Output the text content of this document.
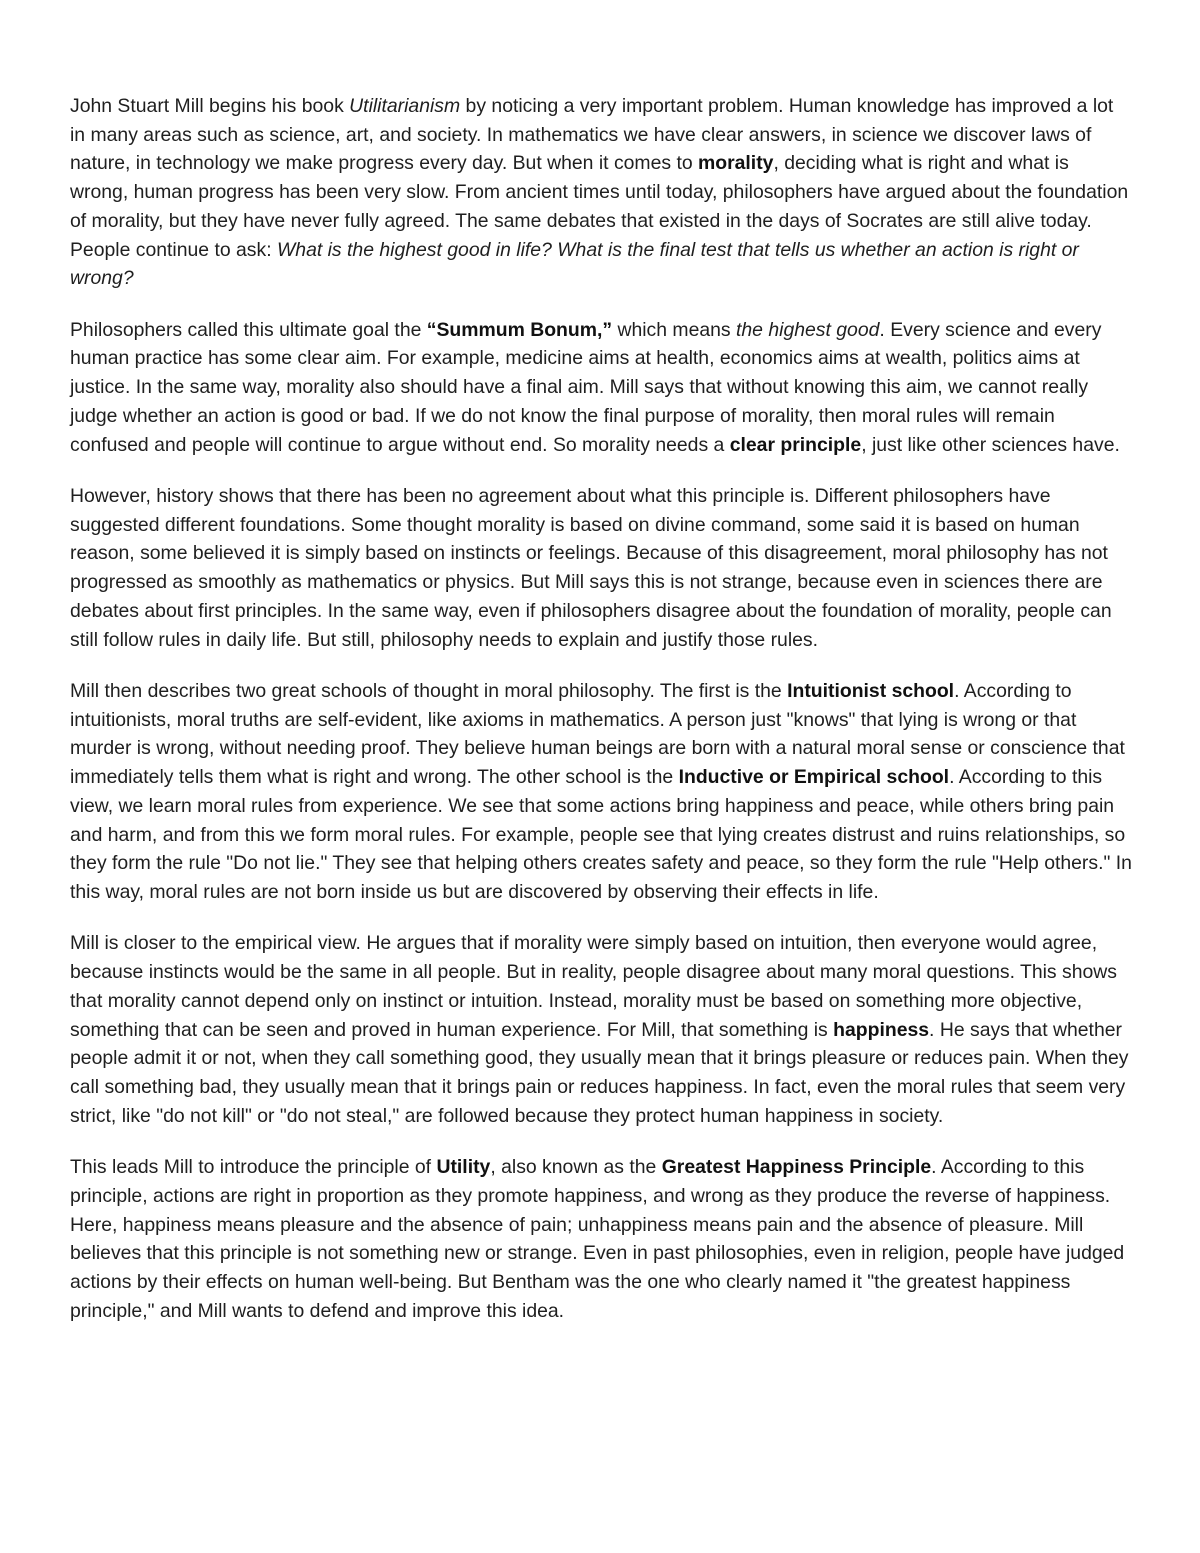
John Stuart Mill begins his book Utilitarianism by noticing a very important problem. Human knowledge has improved a lot in many areas such as science, art, and society. In mathematics we have clear answers, in science we discover laws of nature, in technology we make progress every day. But when it comes to morality, deciding what is right and what is wrong, human progress has been very slow. From ancient times until today, philosophers have argued about the foundation of morality, but they have never fully agreed. The same debates that existed in the days of Socrates are still alive today. People continue to ask: What is the highest good in life? What is the final test that tells us whether an action is right or wrong?

Philosophers called this ultimate goal the “Summum Bonum,” which means the highest good. Every science and every human practice has some clear aim. For example, medicine aims at health, economics aims at wealth, politics aims at justice. In the same way, morality also should have a final aim. Mill says that without knowing this aim, we cannot really judge whether an action is good or bad. If we do not know the final purpose of morality, then moral rules will remain confused and people will continue to argue without end. So morality needs a clear principle, just like other sciences have.

However, history shows that there has been no agreement about what this principle is. Different philosophers have suggested different foundations. Some thought morality is based on divine command, some said it is based on human reason, some believed it is simply based on instincts or feelings. Because of this disagreement, moral philosophy has not progressed as smoothly as mathematics or physics. But Mill says this is not strange, because even in sciences there are debates about first principles. In the same way, even if philosophers disagree about the foundation of morality, people can still follow rules in daily life. But still, philosophy needs to explain and justify those rules.

Mill then describes two great schools of thought in moral philosophy. The first is the Intuitionist school. According to intuitionists, moral truths are self-evident, like axioms in mathematics. A person just "knows" that lying is wrong or that murder is wrong, without needing proof. They believe human beings are born with a natural moral sense or conscience that immediately tells them what is right and wrong. The other school is the Inductive or Empirical school. According to this view, we learn moral rules from experience. We see that some actions bring happiness and peace, while others bring pain and harm, and from this we form moral rules. For example, people see that lying creates distrust and ruins relationships, so they form the rule "Do not lie." They see that helping others creates safety and peace, so they form the rule "Help others." In this way, moral rules are not born inside us but are discovered by observing their effects in life.

Mill is closer to the empirical view. He argues that if morality were simply based on intuition, then everyone would agree, because instincts would be the same in all people. But in reality, people disagree about many moral questions. This shows that morality cannot depend only on instinct or intuition. Instead, morality must be based on something more objective, something that can be seen and proved in human experience. For Mill, that something is happiness. He says that whether people admit it or not, when they call something good, they usually mean that it brings pleasure or reduces pain. When they call something bad, they usually mean that it brings pain or reduces happiness. In fact, even the moral rules that seem very strict, like "do not kill" or "do not steal," are followed because they protect human happiness in society.

This leads Mill to introduce the principle of Utility, also known as the Greatest Happiness Principle. According to this principle, actions are right in proportion as they promote happiness, and wrong as they produce the reverse of happiness. Here, happiness means pleasure and the absence of pain; unhappiness means pain and the absence of pleasure. Mill believes that this principle is not something new or strange. Even in past philosophies, even in religion, people have judged actions by their effects on human well-being. But Bentham was the one who clearly named it "the greatest happiness principle," and Mill wants to defend and improve this idea.
